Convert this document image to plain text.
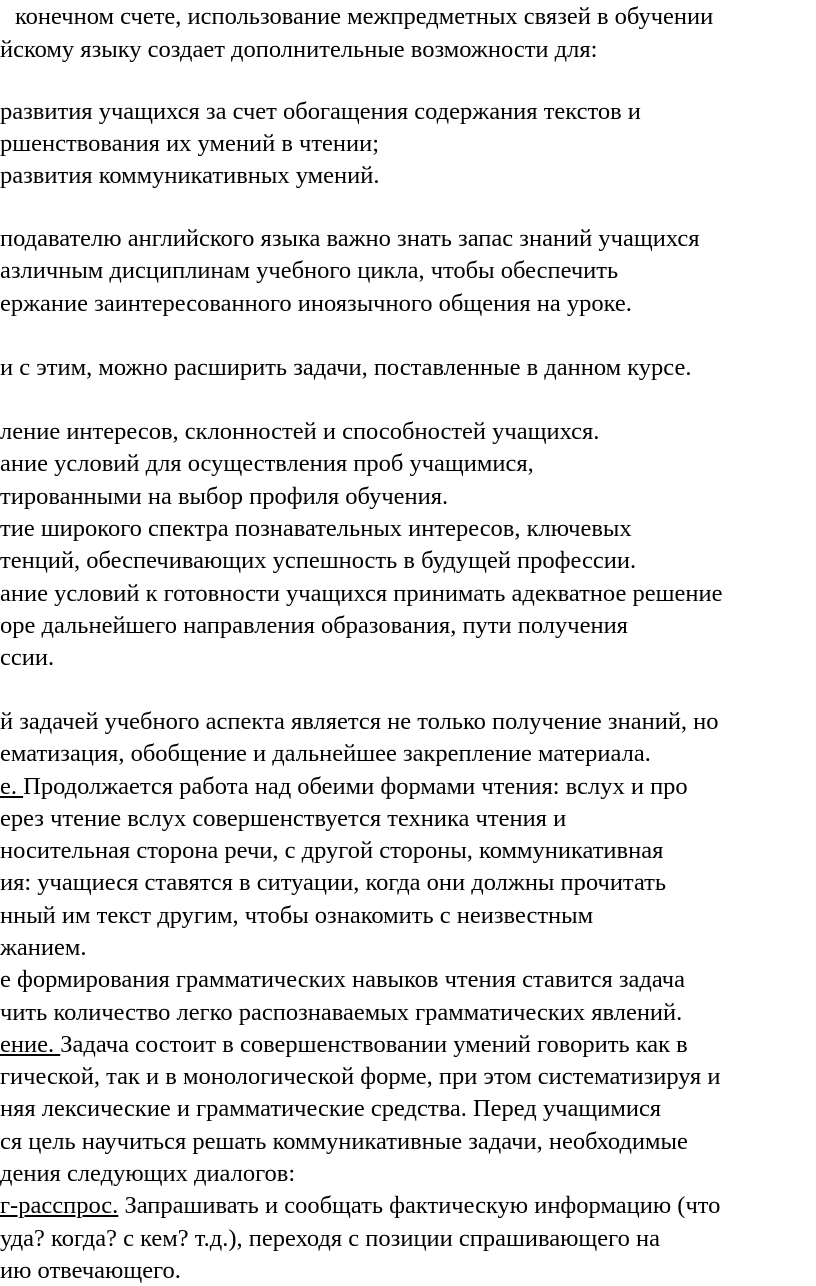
конечном счете, использование межпредметных связей в обучении
йскому языку создает дополнительные возможности для:
развития учащихся за счет обогащения содержания текстов и
ршенствования их умений в чтении;
развития коммуникативных умений.
подавателю английского языка важно знать запас знаний учащихся
азличным дисциплинам учебного цикла, чтобы обеспечить
ержание заинтересованного иноязычного общения на уроке.
и с этим, можно расширить задачи, поставленные в данном курсе.
ление интересов, склонностей и способностей учащихся.
ание условий для осуществления проб учащимися,
тированными на выбор профиля обучения.
тие широкого спектра познавательных интересов, ключевых
тенций, обеспечивающих успешность в будущей профессии.
ание условий к готовности учащихся принимать адекватное решение
оре дальнейшего направления образования, пути получения
ссии.
й задачей учебного аспекта является не только получение знаний, но
ематизация, обобщение и дальнейшее закрепление материала.
е. Продолжается работа над обеими формами чтения: вслух и про
ерез чтение вслух совершенствуется техника чтения и
носительная сторона речи, с другой стороны, коммуникативная
ия: учащиеся ставятся в ситуации, когда они должны прочитать
нный им текст другим, чтобы ознакомить с неизвестным
жанием.
е формирования грамматических навыков чтения ставится задача
чить количество легко распознаваемых грамматических явлений.
ение. Задача состоит в совершенствовании умений говорить как в
гической, так и в монологической форме, при этом систематизируя и
няя лексические и грамматические средства. Перед учащимися
ся цель научиться решать коммуникативные задачи, необходимые
дения следующих диалогов:
г-расспрос. Запрашивать и сообщать фактическую информацию (что
уда? когда? с кем? т.д.), переходя с позиции спрашивающего на
ию отвечающего.
